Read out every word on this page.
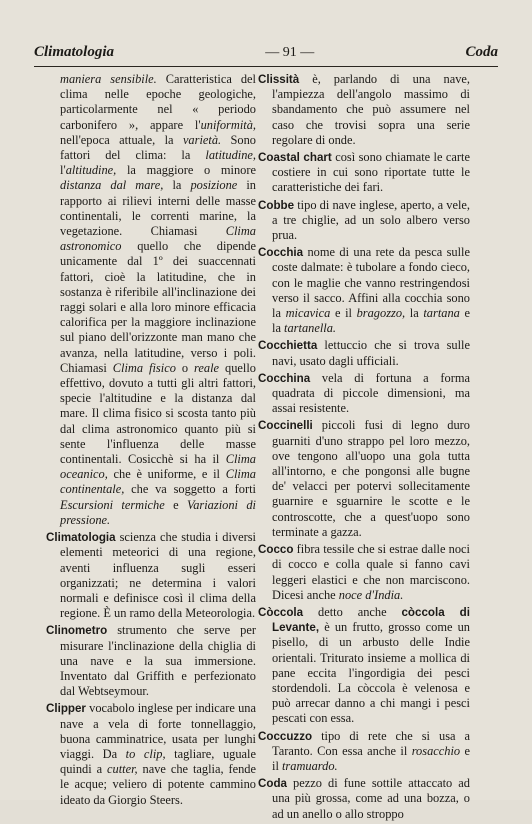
Climatologia	— 91 —	Coda

maniera sensibile. Caratteristica del clima nelle epoche geologiche, particolarmente nel « periodo carbonifero », appare l'uniformità, nell'epoca attuale, la varietà. Sono fattori del clima: la latitudine, l'altitudine, la maggiore o minore distanza dal mare, la posizione in rapporto ai rilievi interni delle masse continentali, le correnti marine, la vegetazione. Chiamasi Clima astronomico quello che dipende unicamente dal 1º dei suaccennati fattori, cioè la latitudine, che in sostanza è riferibile all'inclinazione dei raggi solari e alla loro minore efficacia calorifica per la maggiore inclinazione sul piano dell'orizzonte man mano che avanza, nella latitudine, verso i poli. Chiamasi Clima fisico o reale quello effettivo, dovuto a tutti gli altri fattori, specie l'altitudine e la distanza dal mare. Il clima fisico si scosta tanto più dal clima astronomico quanto più si sente l'influenza delle masse continentali. Cosicchè si ha il Clima oceanico, che è uniforme, e il Clima continentale, che va soggetto a forti Escursioni termiche e Variazioni di pressione.

Climatologia scienza che studia i diversi elementi meteorici di una regione, aventi influenza sugli esseri organizzati; ne determina i valori normali e definisce così il clima della regione. È un ramo della Meteorologia.

Clinometro strumento che serve per misurare l'inclinazione della chiglia di una nave e la sua immersione. Inventato dal Griffith e perfezionato dal Webtseymour.

Clipper vocabolo inglese per indicare una nave a vela di forte tonnellaggio, buona camminatrice, usata per lunghi viaggi. Da to clip, tagliare, uguale quindi a cutter, nave che taglia, fende le acque; veliero di potente cammino ideato da Giorgio Steers.

Clissità è, parlando di una nave, l'ampiezza dell'angolo massimo di sbandamento che può assumere nel caso che trovisi sopra una serie regolare di onde.

Coastal chart così sono chiamate le carte costiere in cui sono riportate tutte le caratteristiche dei fari.

Cobbe tipo di nave inglese, aperto, a vele, a tre chiglie, ad un solo albero verso prua.

Cocchia nome di una rete da pesca sulle coste dalmate: è tubolare a fondo cieco, con le maglie che vanno restringendosi verso il sacco. Affini alla cocchia sono la micavica e il bragozzo, la tartana e la tartanella.

Cocchietta lettuccio che si trova sulle navi, usato dagli ufficiali.

Cocchina vela di fortuna a forma quadrata di piccole dimensioni, ma assai resistente.

Coccinelli piccoli fusi di legno duro guarniti d'uno strappo pel loro mezzo, ove tengono all'uopo una gola tutta all'intorno, e che pongonsi alle bugne de' velacci per potervi sollecitamente guarnire e sguarnire le scotte e le controscotte, che a quest'uopo sono terminate a gazza.

Cocco fibra tessile che si estrae dalle noci di cocco e colla quale si fanno cavi leggeri elastici e che non marciscono. Dicesi anche noce d'India.

Còccola detto anche còccola di Levante, è un frutto, grosso come un pisello, di un arbusto delle Indie orientali. Triturato insieme a mollica di pane eccita l'ingordigia dei pesci stordendoli. La còccola è velenosa e può arrecar danno a chi mangi i pesci pescati con essa.

Coccuzzo tipo di rete che si usa a Taranto. Con essa anche il rosacchio e il tramuardo.

Coda pezzo di fune sottile attaccato ad una più grossa, come ad una bozza, o ad un anello o allo stroppo
